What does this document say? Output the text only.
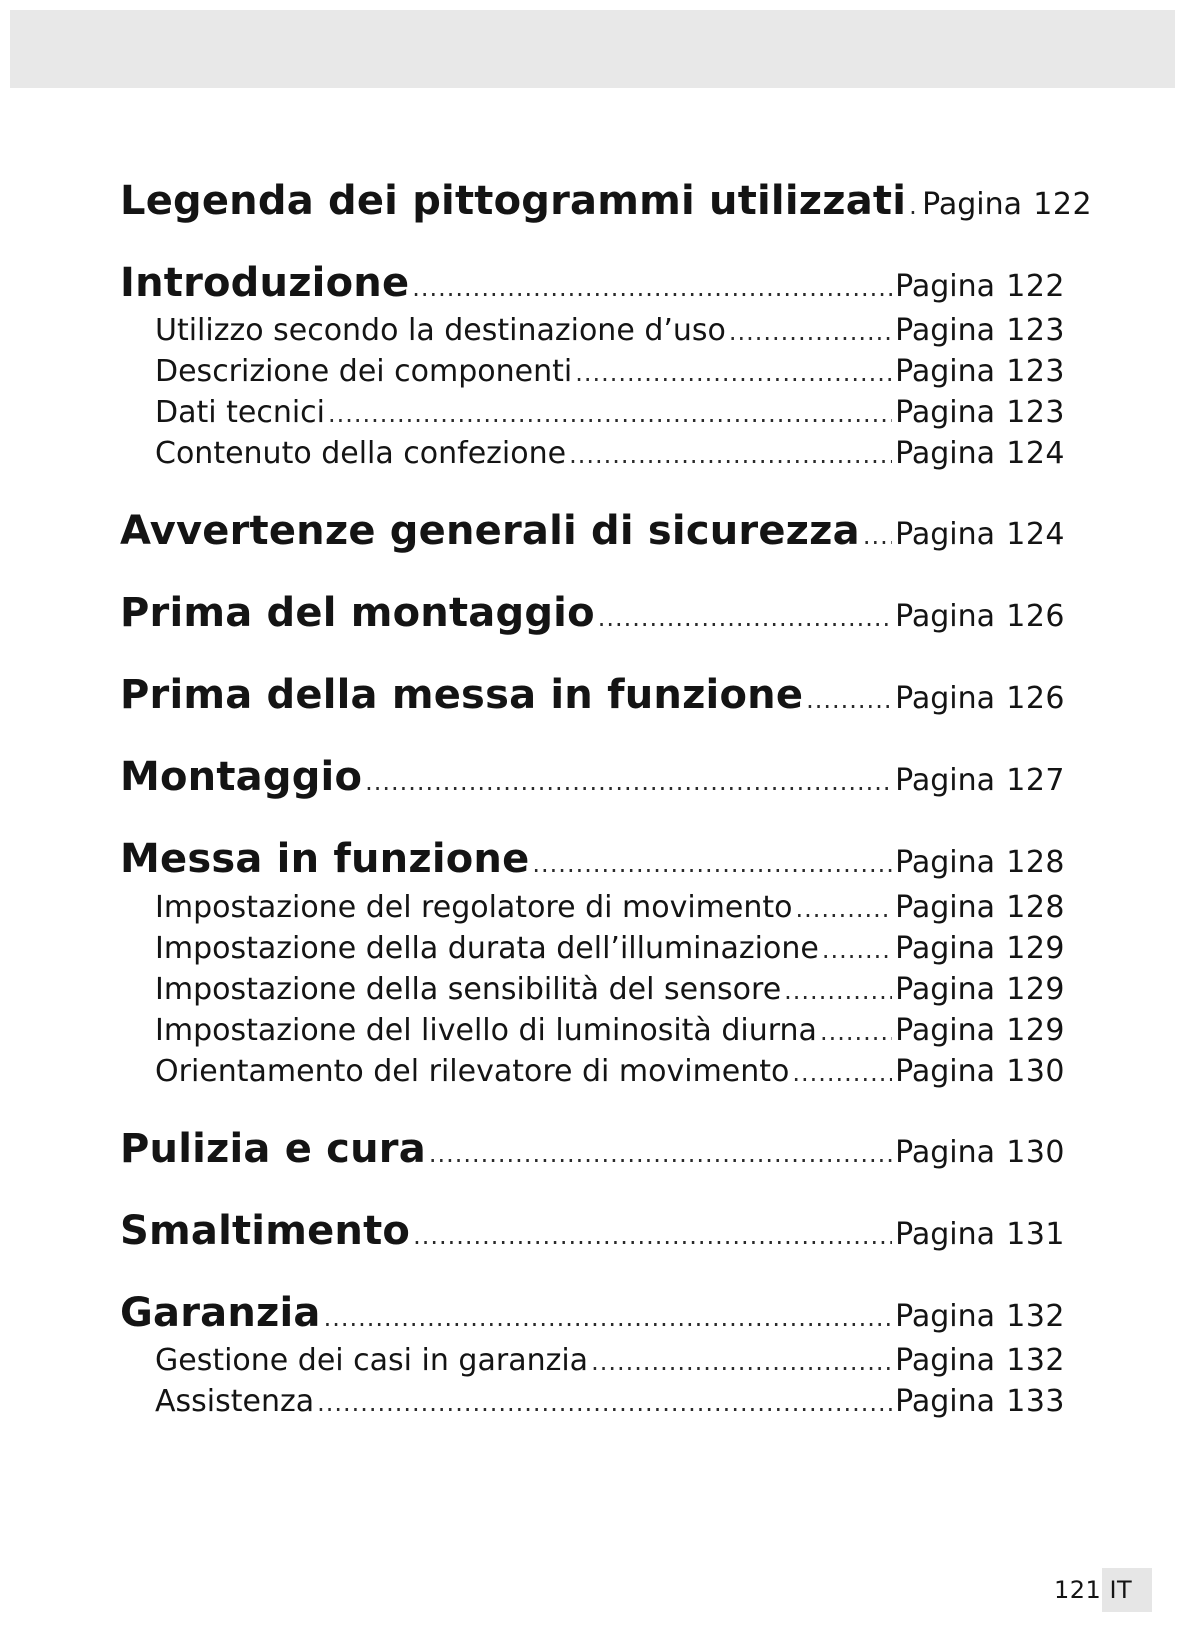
Legenda dei pittogrammi utilizzati ..... Pagina 122
Introduzione .....	Pagina 122
Utilizzo secondo la destinazione d’uso .....	Pagina 123
Descrizione dei componenti .....	Pagina 123
Dati tecnici .....	Pagina 123
Contenuto della confezione .....	Pagina 124
Avvertenze generali di sicurezza ..... Pagina 124
Prima del montaggio .....	Pagina 126
Prima della messa in funzione .....	Pagina 126
Montaggio .....	Pagina 127
Messa in funzione .....	Pagina 128
Impostazione del regolatore di movimento .....	Pagina 128
Impostazione della durata dell’illuminazione .....	Pagina 129
Impostazione della sensibilità del sensore .....	Pagina 129
Impostazione del livello di luminosità diurna .....	Pagina 129
Orientamento del rilevatore di movimento .....	Pagina 130
Pulizia e cura .....	Pagina 130
Smaltimento .....	Pagina 131
Garanzia .....	Pagina 132
Gestione dei casi in garanzia .....	Pagina 132
Assistenza .....	Pagina 133
121
IT
